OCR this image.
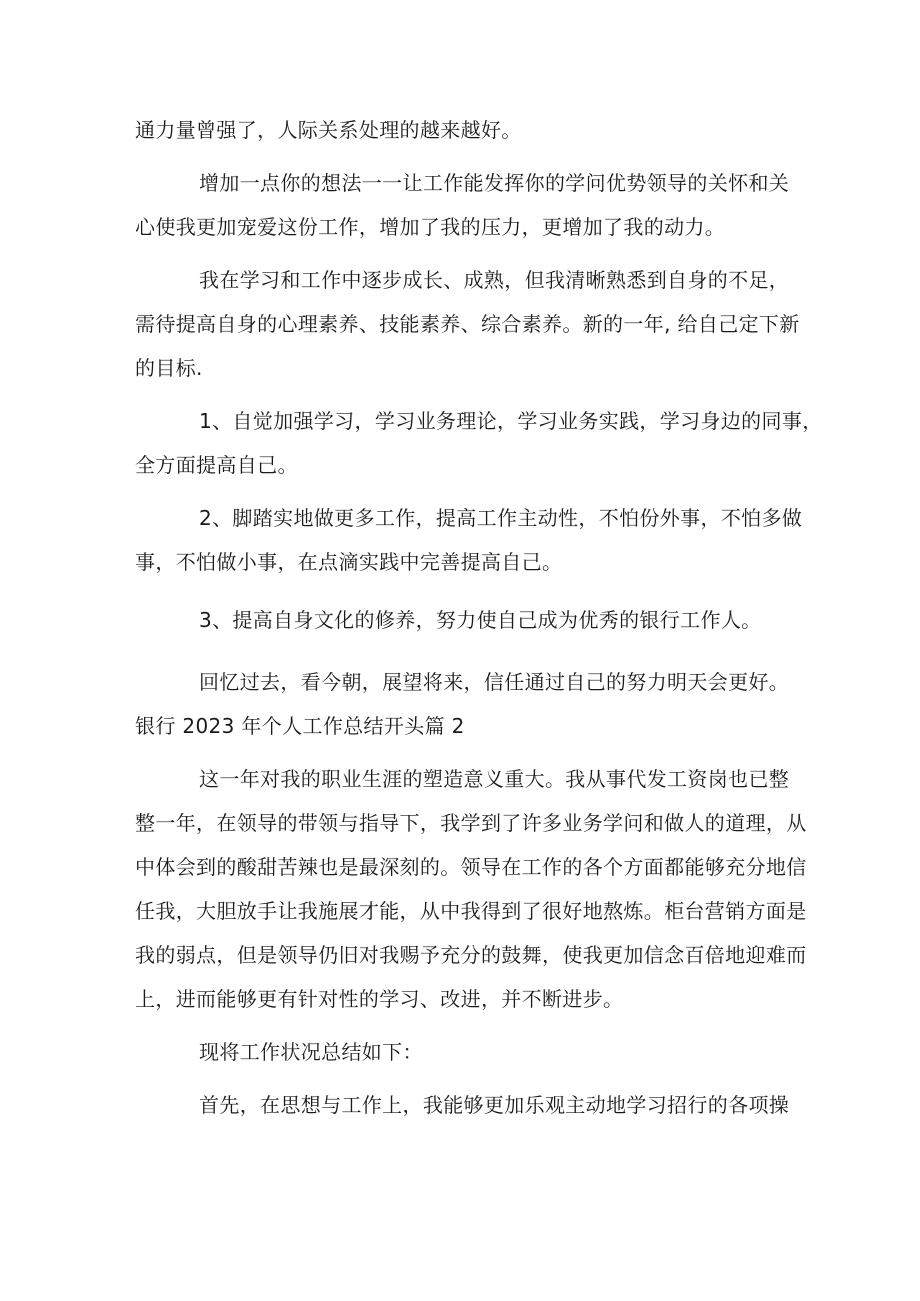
通力量曾强了，人际关系处理的越来越好。
增加一点你的想法一一让工作能发挥你的学问优势领导的关怀和关
心使我更加宠爱这份工作，增加了我的压力，更增加了我的动力。
我在学习和工作中逐步成长、成熟，但我清晰熟悉到自身的不足，
需待提高自身的心理素养、技能素养、综合素养。新的一年, 给自己定下新
的目标.
1、自觉加强学习，学习业务理论，学习业务实践，学习身边的同事，
全方面提高自己。
2、脚踏实地做更多工作，提高工作主动性，不怕份外事，不怕多做
事，不怕做小事，在点滴实践中完善提高自己。
3、提高自身文化的修养，努力使自己成为优秀的银行工作人。
回忆过去，看今朝，展望将来，信任通过自己的努力明天会更好。
银行 2023 年个人工作总结开头篇 2
这一年对我的职业生涯的塑造意义重大。我从事代发工资岗也已整
整一年，在领导的带领与指导下，我学到了许多业务学问和做人的道理，从
中体会到的酸甜苦辣也是最深刻的。领导在工作的各个方面都能够充分地信
任我，大胆放手让我施展才能，从中我得到了很好地熬炼。柜台营销方面是
我的弱点，但是领导仍旧对我赐予充分的鼓舞，使我更加信念百倍地迎难而
上，进而能够更有针对性的学习、改进，并不断进步。
现将工作状况总结如下：
首先，在思想与工作上，我能够更加乐观主动地学习招行的各项操
